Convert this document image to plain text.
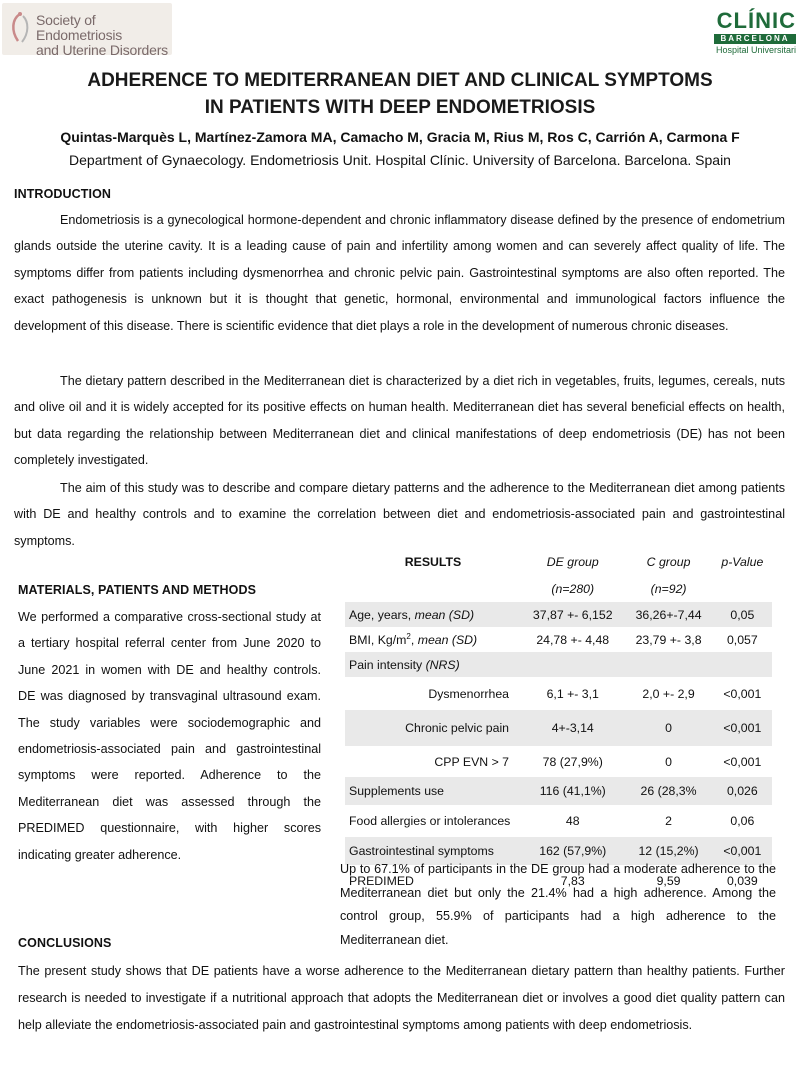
Society of Endometriosis
and Uterine Disorders
CLÍNIC
BARCELONA
Hospital Universitari
ADHERENCE TO MEDITERRANEAN DIET AND CLINICAL SYMPTOMS
IN PATIENTS WITH DEEP ENDOMETRIOSIS
Quintas-Marquès L, Martínez-Zamora MA, Camacho M, Gracia M, Rius M, Ros C, Carrión A, Carmona F
Department of Gynaecology. Endometriosis Unit. Hospital Clínic. University of Barcelona. Barcelona. Spain
INTRODUCTION

Endometriosis is a gynecological hormone-dependent and chronic inflammatory disease defined by the presence of endometrium glands outside the uterine cavity. It is a leading cause of pain and infertility among women and can severely affect quality of life. The symptoms differ from patients including dysmenorrhea and chronic pelvic pain. Gastrointestinal symptoms are also often reported. The exact pathogenesis is unknown but it is thought that genetic, hormonal, environmental and immunological factors influence the development of this disease. There is scientific evidence that diet plays a role in the development of numerous chronic diseases.

The dietary pattern described in the Mediterranean diet is characterized by a diet rich in vegetables, fruits, legumes, cereals, nuts and olive oil and it is widely accepted for its positive effects on human health. Mediterranean diet has several beneficial effects on health, but data regarding the relationship between Mediterranean diet and clinical manifestations of deep endometriosis (DE) has not been completely investigated.

The aim of this study was to describe and compare dietary patterns and the adherence to the Mediterranean diet among patients with DE and healthy controls and to examine the correlation between diet and endometriosis-associated pain and gastrointestinal symptoms.

MATERIALS, PATIENTS AND METHODS

We performed a comparative cross-sectional study at a tertiary hospital referral center from June 2020 to June 2021 in women with DE and healthy controls. DE was diagnosed by transvaginal ultrasound exam. The study variables were sociodemographic and endometriosis-associated pain and gastrointestinal symptoms were reported. Adherence to the Mediterranean diet was assessed through the PREDIMED questionnaire, with higher scores indicating greater adherence.

RESULTS	DE group	C group	p-Value
	(n=280)	(n=92)	
Age, years, mean (SD)	37,87 +- 6,152	36,26+-7,44	0,05
BMI, $Kg/m^2$, mean (SD)	24,78 +- 4,48	23,79 +- 3,8	0,057
Pain intensity (NRS)			
Dysmenorrhea	6,1 +- 3,1	2,0 +- 2,9	<0,001
Chronic pelvic pain	4+-3,14	0	<0,001
CPP EVN > 7	78 (27,9%)	0	<0,001
Supplements use	116 (41,1%)	26 (28,3%	0,026
Food allergies or intolerances	48	2	0,06
Gastrointestinal symptoms	162 (57,9%)	12 (15,2%)	<0,001
PREDIMED	7,83	9,59	0,039

Up to 67.1% of participants in the DE group had a moderate adherence to the Mediterranean diet but only the 21.4% had a high adherence. Among the control group, 55.9% of participants had a high adherence to the Mediterranean diet.

CONCLUSIONS

The present study shows that DE patients have a worse adherence to the Mediterranean dietary pattern than healthy patients. Further research is needed to investigate if a nutritional approach that adopts the Mediterranean diet or involves a good diet quality pattern can help alleviate the endometriosis-associated pain and gastrointestinal symptoms among patients with deep endometriosis.
